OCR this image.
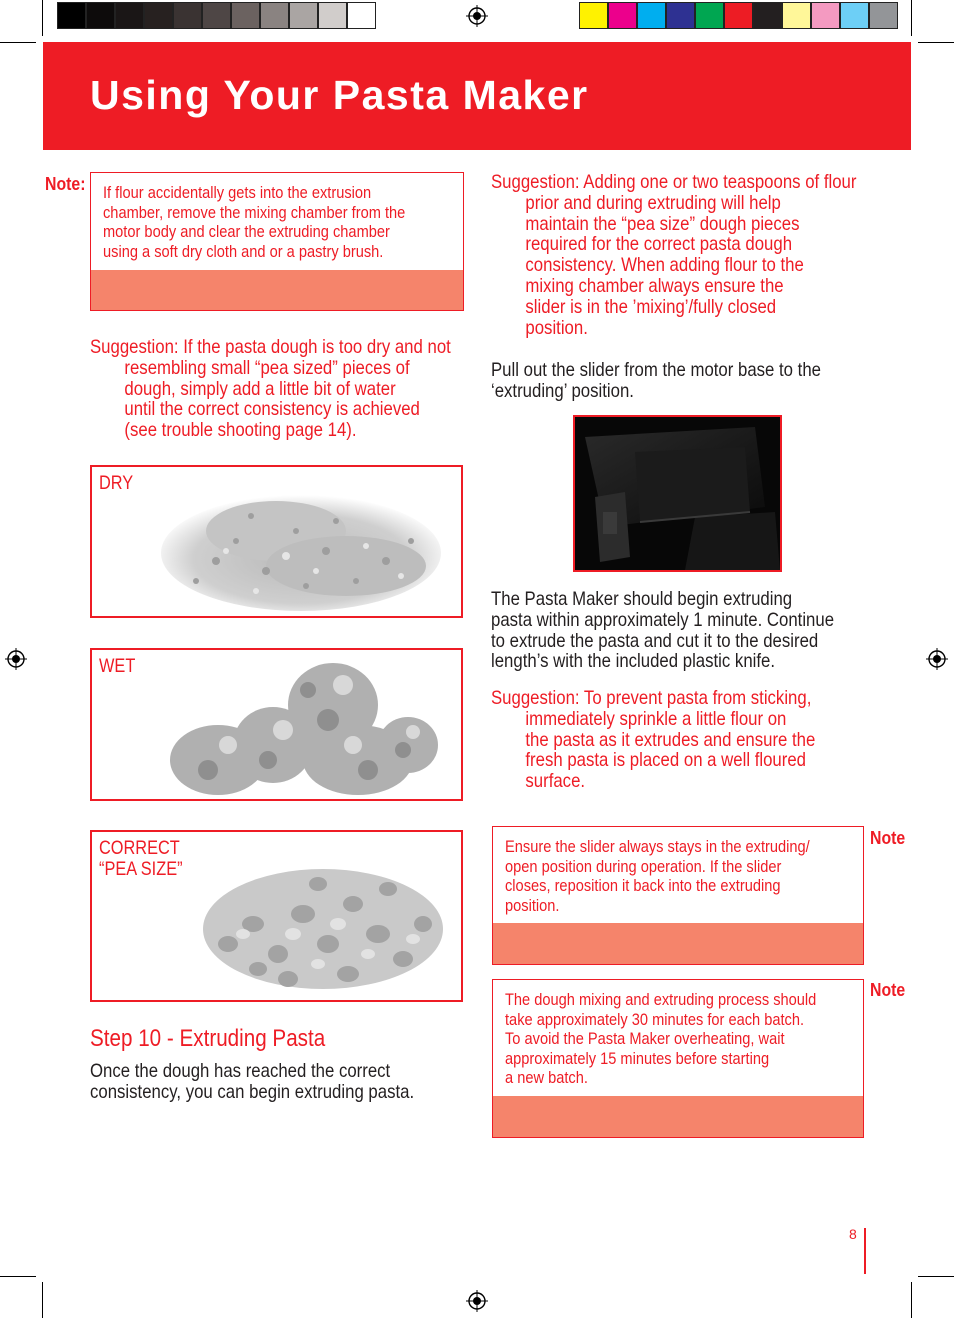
Using Your Pasta Maker
Note: If flour accidentally gets into the extrusion
chamber, remove the mixing chamber from the
motor body and clear the extruding chamber
using a soft dry cloth and or a pastry brush.
Suggestion: If the pasta dough is too dry and not
resembling small “pea sized” pieces of
dough, simply add a little bit of water
until the correct consistency is achieved
(see trouble shooting page 14).
DRY
WET
CORRECT
“PEA SIZE”
Step 10 - Extruding Pasta
Once the dough has reached the correct
consistency, you can begin extruding pasta.
Suggestion: Adding one or two teaspoons of flour
prior and during extruding will help
maintain the “pea size” dough pieces
required for the correct pasta dough
consistency. When adding flour to the
mixing chamber always ensure the
slider is in the ’mixing’/fully closed
position.
Pull out the slider from the motor base to the
‘extruding’ position.
The Pasta Maker should begin extruding
pasta within approximately 1 minute. Continue
to extrude the pasta and cut it to the desired
length’s with the included plastic knife.
Suggestion: To prevent pasta from sticking,
immediately sprinkle a little flour on
the pasta as it extrudes and ensure the
fresh pasta is placed on a well floured
surface.
Ensure the slider always stays in the extruding/
open position during operation. If the slider
closes, reposition it back into the extruding
position.
Note
The dough mixing and extruding process should
take approximately 30 minutes for each batch.
To avoid the Pasta Maker overheating, wait
approximately 15 minutes before starting
a new batch.
Note
8
